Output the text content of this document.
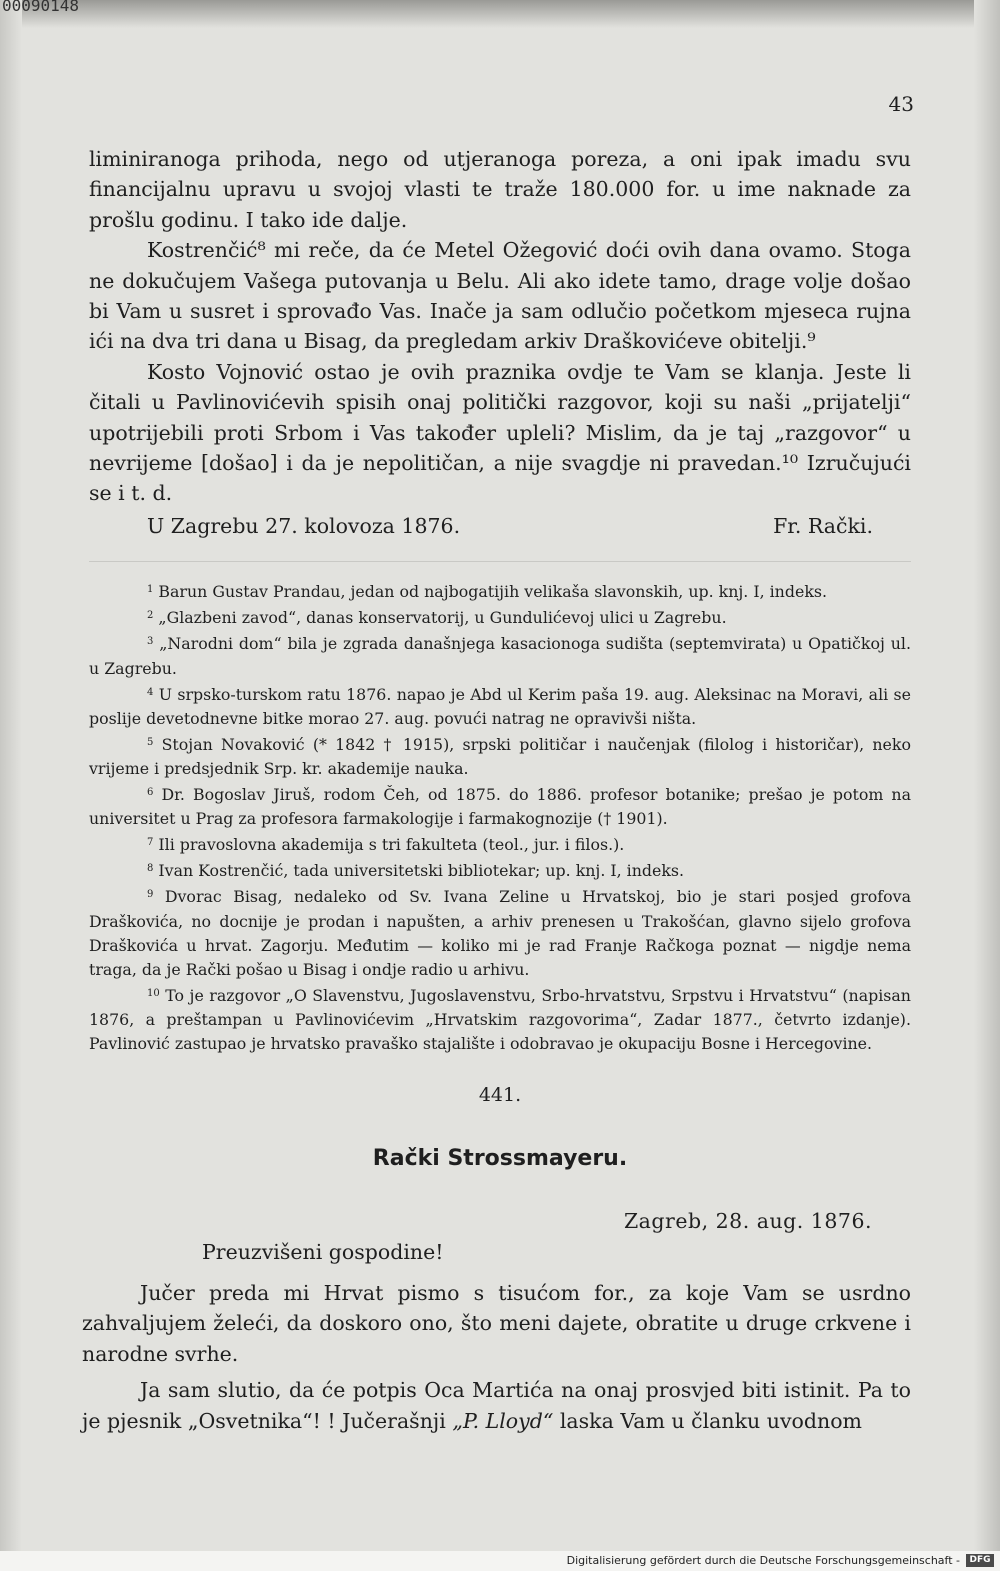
00090148
43

liminiranoga prihoda, nego od utjeranoga poreza, a oni ipak imadu svu financijalnu upravu u svojoj vlasti te traže 180.000 for. u ime naknade za prošlu godinu. I tako ide dalje.

Kostrenčić⁸ mi reče, da će Metel Ožegović doći ovih dana ovamo. Stoga ne dokučujem Vašega putovanja u Belu. Ali ako idete tamo, drage volje došao bi Vam u susret i sprovađo Vas. Inače ja sam odlučio početkom mjeseca rujna ići na dva tri dana u Bisag, da pregledam arkiv Draškovićeve obitelji.⁹

Kosto Vojnović ostao je ovih praznika ovdje te Vam se klanja. Jeste li čitali u Pavlinovićevih spisih onaj politički razgovor, koji su naši „prijatelji“ upotrijebili proti Srbom i Vas također upleli? Mislim, da je taj „razgovor“ u nevrijeme [došao] i da je nepolitičan, a nije svagdje ni pravedan.¹⁰ Izručujući se i t. d.

U Zagrebu 27. kolovoza 1876.	Fr. Rački.

$^1$ Barun Gustav Prandau, jedan od najbogatijih velikaša slavonskih, up. knj. I, indeks.

$^2$ „Glazbeni zavod“, danas konservatorij, u Gundulićevoj ulici u Zagrebu.

$^3$ „Narodni dom“ bila je zgrada današnjega kasacionoga sudišta (septemvirata) u Opatičkoj ul. u Zagrebu.

$^4$ U srpsko-turskom ratu 1876. napao je Abd ul Kerim paša 19. aug. Aleksinac na Moravi, ali se poslije devetodnevne bitke morao 27. aug. povući natrag ne opravivši ništa.

$^5$ Stojan Novaković (* 1842 † 1915), srpski političar i naučenjak (filolog i historičar), neko vrijeme i predsjednik Srp. kr. akademije nauka.

$^6$ Dr. Bogoslav Jiruš, rodom Čeh, od 1875. do 1886. profesor botanike; prešao je potom na universitet u Prag za profesora farmakologije i farmakognozije († 1901).

$^7$ Ili pravoslovna akademija s tri fakulteta (teol., jur. i filos.).

$^8$ Ivan Kostrenčić, tada universitetski bibliotekar; up. knj. I, indeks.

$^9$ Dvorac Bisag, nedaleko od Sv. Ivana Zeline u Hrvatskoj, bio je stari posjed grofova Draškovića, no docnije je prodan i napušten, a arhiv prenesen u Trakošćan, glavno sijelo grofova Draškovića u hrvat. Zagorju. Međutim — koliko mi je rad Franje Račkoga poznat — nigdje nema traga, da je Rački pošao u Bisag i ondje radio u arhivu.

$^{10}$ To je razgovor „O Slavenstvu, Jugoslavenstvu, Srbo-hrvatstvu, Srpstvu i Hrvatstvu“ (napisan 1876, a preštampan u Pavlinovićevim „Hrvatskim razgovorima“, Zadar 1877., četvrto izdanje). Pavlinović zastupao je hrvatsko pravaško stajalište i odobravao je okupaciju Bosne i Hercegovine.

441.
Rački Strossmayeru.
Zagreb, 28. aug. 1876.
Preuzvišeni gospodine!

Jučer preda mi Hrvat pismo s tisućom for., za koje Vam se usrdno zahvaljujem želeći, da doskoro ono, što meni dajete, obratite u druge crkvene i narodne svrhe.

Ja sam slutio, da će potpis Oca Martića na onaj prosvjed biti istinit. Pa to je pjesnik „Osvetnika“! ! Jučerašnji „P. Lloyd“ laska Vam u članku uvodnom

Digitalisierung gefördert durch die Deutsche Forschungsgemeinschaft -	DFG
